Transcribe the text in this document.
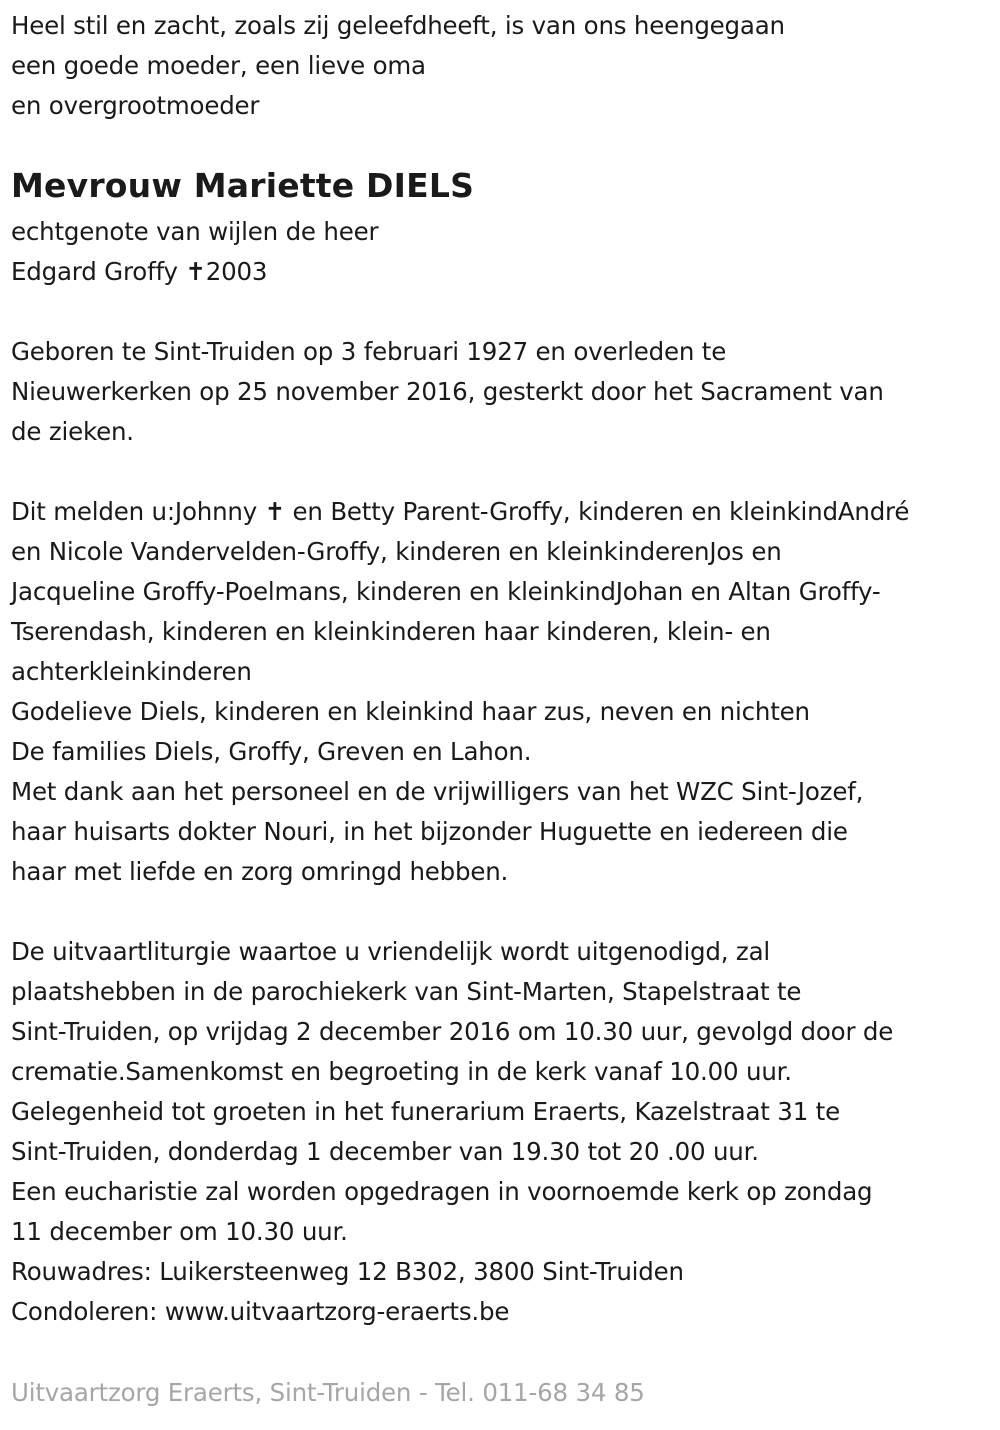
Heel stil en zacht, zoals zij geleefdheeft, is van ons heengegaan
een goede moeder, een lieve oma
en overgrootmoeder
Mevrouw Mariette DIELS
echtgenote van wijlen de heer
Edgard Groffy ✝2003
Geboren te Sint-Truiden op 3 februari 1927 en overleden te
Nieuwerkerken op 25 november 2016, gesterkt door het Sacrament van
de zieken.
Dit melden u:Johnny ✝ en Betty Parent-Groffy, kinderen en kleinkindAndré
en Nicole Vandervelden-Groffy, kinderen en kleinkinderenJos en
Jacqueline Groffy-Poelmans, kinderen en kleinkindJohan en Altan Groffy-
Tserendash, kinderen en kleinkinderen haar kinderen, klein- en
achterkleinkinderen
Godelieve Diels, kinderen en kleinkind haar zus, neven en nichten
De families Diels, Groffy, Greven en Lahon.
Met dank aan het personeel en de vrijwilligers van het WZC Sint-Jozef,
haar huisarts dokter Nouri, in het bijzonder Huguette en iedereen die
haar met liefde en zorg omringd hebben.
De uitvaartliturgie waartoe u vriendelijk wordt uitgenodigd, zal
plaatshebben in de parochiekerk van Sint-Marten, Stapelstraat te
Sint-Truiden, op vrijdag 2 december 2016 om 10.30 uur, gevolgd door de
crematie.Samenkomst en begroeting in de kerk vanaf 10.00 uur.
Gelegenheid tot groeten in het funerarium Eraerts, Kazelstraat 31 te
Sint-Truiden, donderdag 1 december van 19.30 tot 20 .00 uur.
Een eucharistie zal worden opgedragen in voornoemde kerk op zondag
11 december om 10.30 uur.
Rouwadres: Luikersteenweg 12 B302, 3800 Sint-Truiden
Condoleren: www.uitvaartzorg-eraerts.be
Uitvaartzorg Eraerts, Sint-Truiden - Tel. 011-68 34 85
